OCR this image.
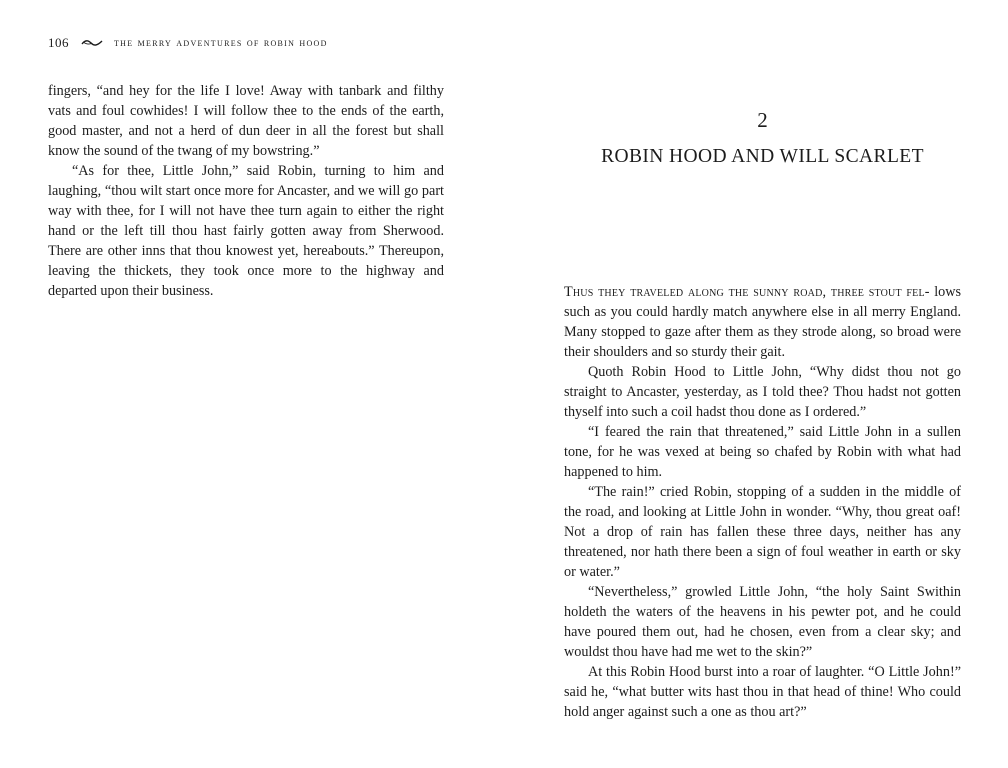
106	the merry adventures of robin hood

fingers, “and hey for the life I love! Away with tanbark and filthy vats and foul cowhides! I will follow thee to the ends of the earth, good master, and not a herd of dun deer in all the forest but shall know the sound of the twang of my bowstring.”

“As for thee, Little John,” said Robin, turning to him and laughing, “thou wilt start once more for Ancaster, and we will go part way with thee, for I will not have thee turn again to either the right hand or the left till thou hast fairly gotten away from Sherwood. There are other inns that thou knowest yet, hereabouts.” Thereupon, leaving the thickets, they took once more to the highway and departed upon their business.

2
ROBIN HOOD AND WILL SCARLET

Thus they traveled along the sunny road, three stout fel- lows such as you could hardly match anywhere else in all merry England. Many stopped to gaze after them as they strode along, so broad were their shoulders and so sturdy their gait.

Quoth Robin Hood to Little John, “Why didst thou not go straight to Ancaster, yesterday, as I told thee? Thou hadst not gotten thyself into such a coil hadst thou done as I ordered.”

“I feared the rain that threatened,” said Little John in a sullen tone, for he was vexed at being so chafed by Robin with what had happened to him.

“The rain!” cried Robin, stopping of a sudden in the middle of the road, and looking at Little John in wonder. “Why, thou great oaf! Not a drop of rain has fallen these three days, neither has any threatened, nor hath there been a sign of foul weather in earth or sky or water.”

“Nevertheless,” growled Little John, “the holy Saint Swithin holdeth the waters of the heavens in his pewter pot, and he could have poured them out, had he chosen, even from a clear sky; and wouldst thou have had me wet to the skin?”

At this Robin Hood burst into a roar of laughter. “O Little John!” said he, “what butter wits hast thou in that head of thine! Who could hold anger against such a one as thou art?”
